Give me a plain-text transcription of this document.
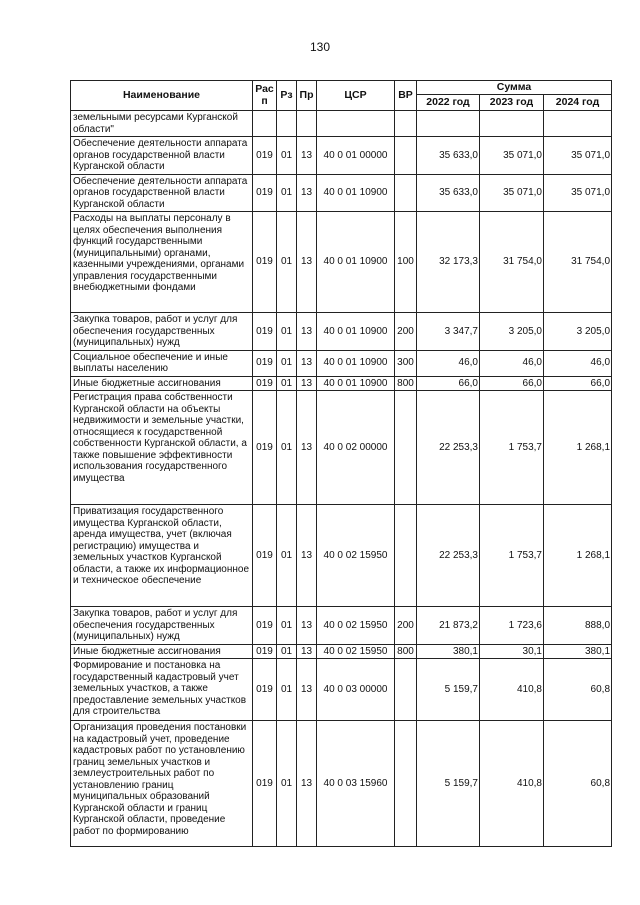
130
Наименование	Рас п	Рз	Пр	ЦСР	ВР	Сумма		
						2022 год	2023 год	2024 год
земельными ресурсами Курганской области"								
Обеспечение деятельности аппарата органов государственной власти Курганской области	019	01	13	40 0 01 00000		35 633,0	35 071,0	35 071,0
Обеспечение деятельности аппарата органов государственной власти Курганской области	019	01	13	40 0 01 10900		35 633,0	35 071,0	35 071,0
Расходы на выплаты персоналу в целях обеспечения выполнения функций государственными (муниципальными) органами, казенными учреждениями, органами управления государственными внебюджетными фондами	019	01	13	40 0 01 10900	100	32 173,3	31 754,0	31 754,0
Закупка товаров, работ и услуг для обеспечения государственных (муниципальных) нужд	019	01	13	40 0 01 10900	200	3 347,7	3 205,0	3 205,0
Социальное обеспечение и иные выплаты населению	019	01	13	40 0 01 10900	300	46,0	46,0	46,0
Иные бюджетные ассигнования	019	01	13	40 0 01 10900	800	66,0	66,0	66,0
Регистрация права собственности Курганской области на объекты недвижимости и земельные участки, относящиеся к государственной собственности Курганской области, а также повышение эффективности использования государственного имущества	019	01	13	40 0 02 00000		22 253,3	1 753,7	1 268,1
Приватизация государственного имущества Курганской области, аренда имущества, учет (включая регистрацию) имущества и земельных участков Курганской области, а также их информационное и техническое обеспечение	019	01	13	40 0 02 15950		22 253,3	1 753,7	1 268,1
Закупка товаров, работ и услуг для обеспечения государственных (муниципальных) нужд	019	01	13	40 0 02 15950	200	21 873,2	1 723,6	888,0
Иные бюджетные ассигнования	019	01	13	40 0 02 15950	800	380,1	30,1	380,1
Формирование и постановка на государственный кадастровый учет земельных участков, а также предоставление земельных участков для строительства	019	01	13	40 0 03 00000		5 159,7	410,8	60,8
Организация проведения постановки на кадастровый учет, проведение кадастровых работ по установлению границ земельных участков и землеустроительных работ по установлению границ муниципальных образований Курганской области и границ Курганской области, проведение работ по формированию	019	01	13	40 0 03 15960		5 159,7	410,8	60,8
